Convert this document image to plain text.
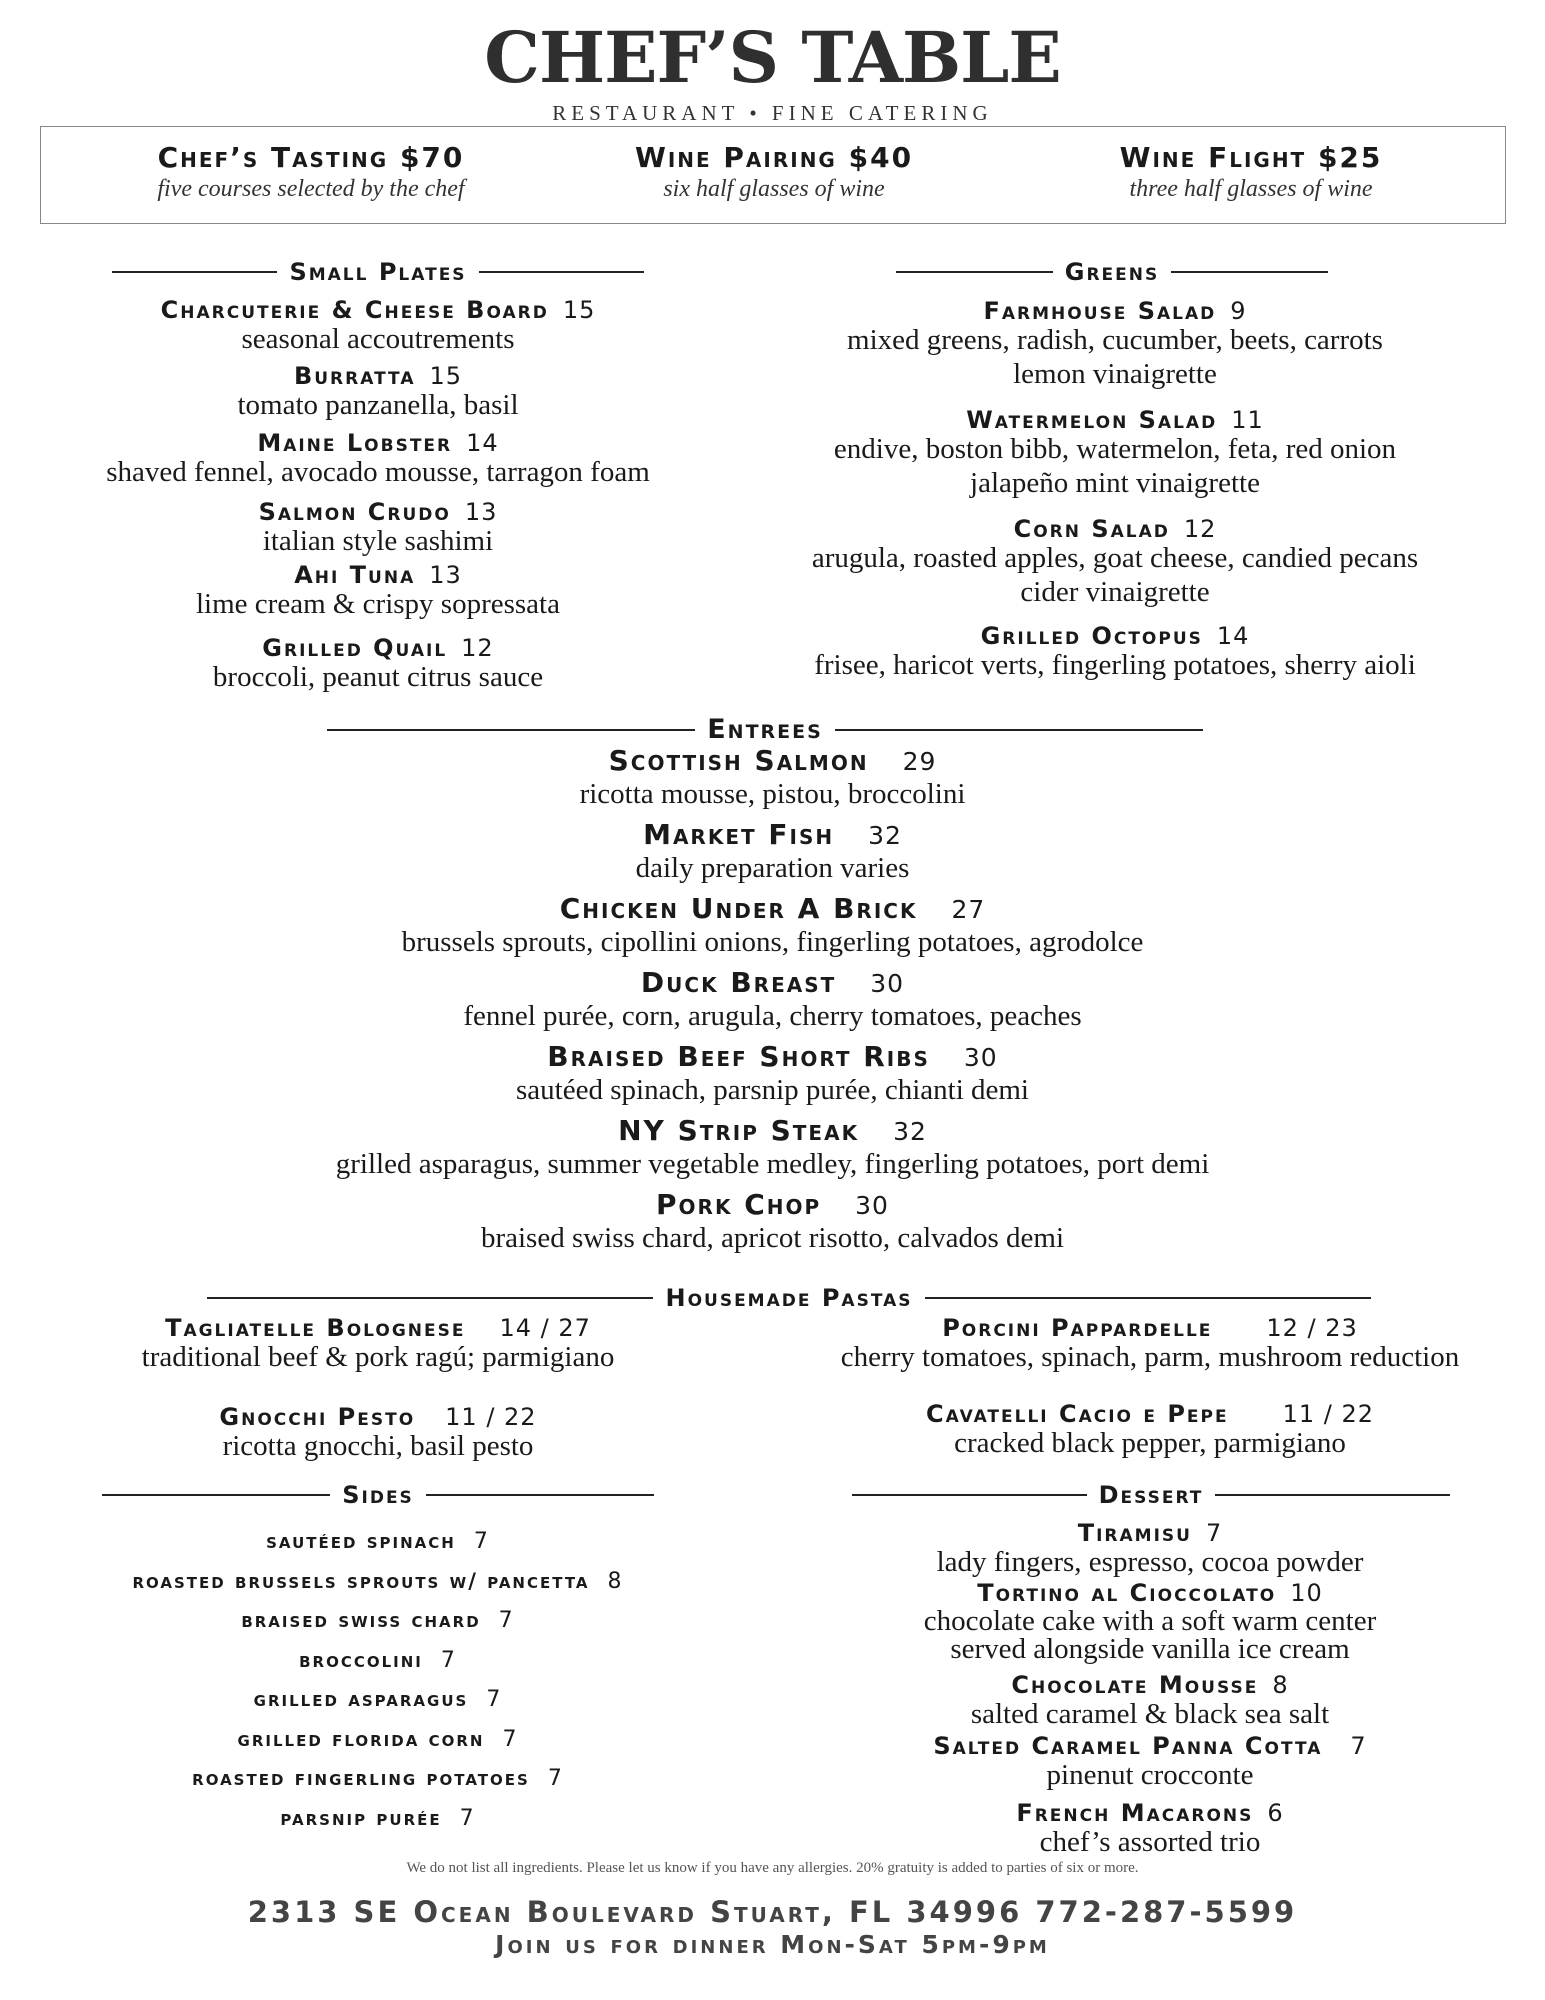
CHEF’S TABLE
RESTAURANT • FINE CATERING
Chef’s Tasting $70
five courses selected by the chef
Wine Pairing $40
six half glasses of wine
Wine Flight $25
three half glasses of wine
Small Plates
Charcuterie & Cheese Board 15
seasonal accoutrements
Burratta 15
tomato panzanella, basil
Maine Lobster 14
shaved fennel, avocado mousse, tarragon foam
Salmon Crudo 13
italian style sashimi
Ahi Tuna 13
lime cream & crispy sopressata
Grilled Quail 12
broccoli, peanut citrus sauce
Greens
Farmhouse Salad 9
mixed greens, radish, cucumber, beets, carrots
lemon vinaigrette
Watermelon Salad 11
endive, boston bibb, watermelon, feta, red onion
jalapeño mint vinaigrette
Corn Salad 12
arugula, roasted apples, goat cheese, candied pecans
cider vinaigrette
Grilled Octopus 14
frisee, haricot verts, fingerling potatoes, sherry aioli
Entrees
Scottish Salmon 29
ricotta mousse, pistou, broccolini
Market Fish 32
daily preparation varies
Chicken Under A Brick 27
brussels sprouts, cipollini onions, fingerling potatoes, agrodolce
Duck Breast 30
fennel purée, corn, arugula, cherry tomatoes, peaches
Braised Beef Short Ribs 30
sautéed spinach, parsnip purée, chianti demi
NY Strip Steak 32
grilled asparagus, summer vegetable medley, fingerling potatoes, port demi
Pork Chop 30
braised swiss chard, apricot risotto, calvados demi
Housemade Pastas
Tagliatelle Bolognese 14 / 27
traditional beef & pork ragú; parmigiano
Gnocchi Pesto 11 / 22
ricotta gnocchi, basil pesto
Porcini Pappardelle 12 / 23
cherry tomatoes, spinach, parm, mushroom reduction
Cavatelli Cacio e Pepe 11 / 22
cracked black pepper, parmigiano
Sides
sautéed spinach 7
roasted brussels sprouts w/ pancetta 8
braised swiss chard 7
broccolini 7
grilled asparagus 7
grilled florida corn 7
roasted fingerling potatoes 7
parsnip purée 7
Dessert
Tiramisu 7
lady fingers, espresso, cocoa powder
Tortino al Cioccolato 10
chocolate cake with a soft warm center
served alongside vanilla ice cream
Chocolate Mousse 8
salted caramel & black sea salt
Salted Caramel Panna Cotta 7
pinenut crocconte
French Macarons 6
chef’s assorted trio
We do not list all ingredients. Please let us know if you have any allergies. 20% gratuity is added to parties of six or more.
2313 SE Ocean Boulevard Stuart, FL 34996 772-287-5599
Join us for dinner Mon-Sat 5pm-9pm
